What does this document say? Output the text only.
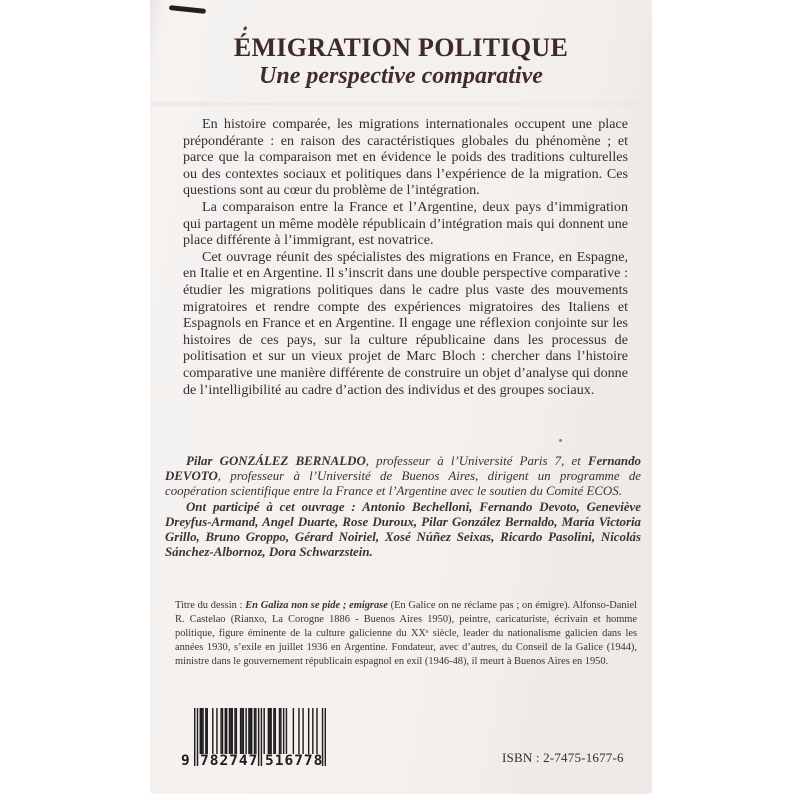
ÉMIGRATION POLITIQUE
Une perspective comparative

En histoire comparée, les migrations internationales occupent une place prépondérante : en raison des caractéristiques globales du phénomène ; et parce que la comparaison met en évidence le poids des traditions culturelles ou des contextes sociaux et politiques dans l’expérience de la migration. Ces questions sont au cœur du problème de l’intégration.

La comparaison entre la France et l’Argentine, deux pays d’immigration qui partagent un même modèle républicain d’intégration mais qui donnent une place différente à l’immigrant, est novatrice.

Cet ouvrage réunit des spécialistes des migrations en France, en Espagne, en Italie et en Argentine. Il s’inscrit dans une double perspective comparative : étudier les migrations politiques dans le cadre plus vaste des mouvements migratoires et rendre compte des expériences migratoires des Italiens et Espagnols en France et en Argentine. Il engage une réflexion conjointe sur les histoires de ces pays, sur la culture républicaine dans les processus de politisation et sur un vieux projet de Marc Bloch : chercher dans l’histoire comparative une manière différente de construire un objet d’analyse qui donne de l’intelligibilité au cadre d’action des individus et des groupes sociaux.

Pilar GONZÁLEZ BERNALDO, professeur à l’Université Paris 7, et Fernando DEVOTO, professeur à l’Université de Buenos Aires, dirigent un programme de coopération scientifique entre la France et l’Argentine avec le soutien du Comité ECOS.

Ont participé à cet ouvrage : Antonio Bechelloni, Fernando Devoto, Geneviève Dreyfus-Armand, Angel Duarte, Rose Duroux, Pilar González Bernaldo, María Victoria Grillo, Bruno Groppo, Gérard Noiriel, Xosé Núñez Seixas, Ricardo Pasolini, Nicolás Sánchez-Albornoz, Dora Schwarzstein.

Titre du dessin : En Galiza non se pide ; emigrase (En Galice on ne réclame pas ; on émigre). Alfonso-Daniel R. Castelao (Rianxo, La Corogne 1886 - Buenos Aires 1950), peintre, caricaturiste, écrivain et homme politique, figure éminente de la culture galicienne du XXᵉ siècle, leader du nationalisme galicien dans les années 1930, s’exile en juillet 1936 en Argentine. Fondateur, avec d’autres, du Conseil de la Galice (1944), ministre dans le gouvernement républicain espagnol en exil (1946-48), il meurt à Buenos Aires en 1950.

9 782747 516778	ISBN : 2-7475-1677-6
